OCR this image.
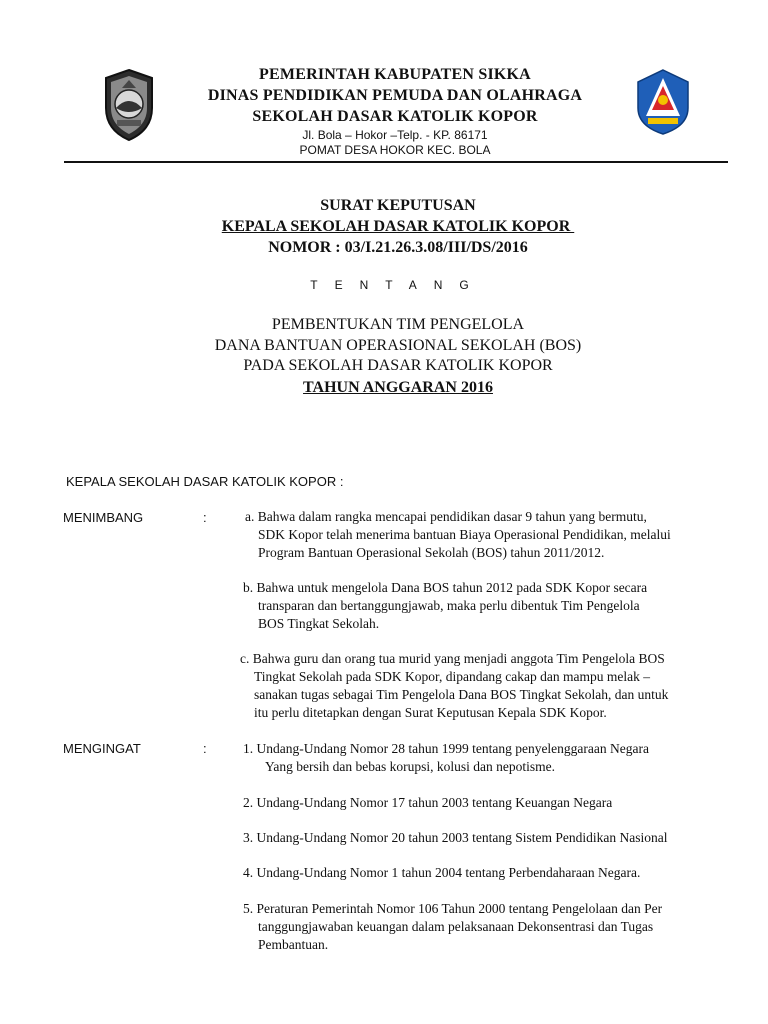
PEMERINTAH KABUPATEN SIKKA
DINAS PENDIDIKAN PEMUDA DAN OLAHRAGA
SEKOLAH DASAR KATOLIK KOPOR
Jl. Bola – Hokor –Telp. - KP. 86171
POMAT DESA HOKOR KEC. BOLA
SURAT KEPUTUSAN
KEPALA SEKOLAH DASAR KATOLIK KOPOR
NOMOR : 03/I.21.26.3.08/III/DS/2016
TENTANG
PEMBENTUKAN TIM PENGELOLA
DANA BANTUAN OPERASIONAL SEKOLAH (BOS)
PADA SEKOLAH DASAR KATOLIK KOPOR
TAHUN ANGGARAN 2016
KEPALA SEKOLAH DASAR KATOLIK KOPOR :
MENIMBANG	:	a. Bahwa dalam rangka mencapai pendidikan dasar 9 tahun yang bermutu,
SDK Kopor telah menerima bantuan Biaya Operasional Pendidikan, melalui
Program Bantuan Operasional Sekolah (BOS) tahun 2011/2012.
b. Bahwa untuk mengelola Dana BOS tahun 2012 pada SDK Kopor secara
transparan dan bertanggungjawab, maka perlu dibentuk Tim Pengelola
BOS Tingkat Sekolah.
c. Bahwa guru dan orang tua murid yang menjadi anggota Tim Pengelola BOS
Tingkat Sekolah pada SDK Kopor, dipandang cakap dan mampu melak –
sanakan tugas sebagai Tim Pengelola Dana BOS Tingkat Sekolah, dan untuk
itu perlu ditetapkan dengan Surat Keputusan Kepala SDK Kopor.
MENGINGAT	:	1. Undang-Undang Nomor 28 tahun 1999 tentang penyelenggaraan Negara
Yang bersih dan bebas korupsi, kolusi dan nepotisme.
2. Undang-Undang Nomor 17 tahun 2003 tentang Keuangan Negara
3. Undang-Undang Nomor 20 tahun 2003 tentang Sistem Pendidikan Nasional
4. Undang-Undang Nomor 1 tahun 2004 tentang Perbendaharaan Negara.
5. Peraturan Pemerintah Nomor 106 Tahun 2000 tentang Pengelolaan dan Per
tanggungjawaban keuangan dalam pelaksanaan Dekonsentrasi dan Tugas
Pembantuan.
